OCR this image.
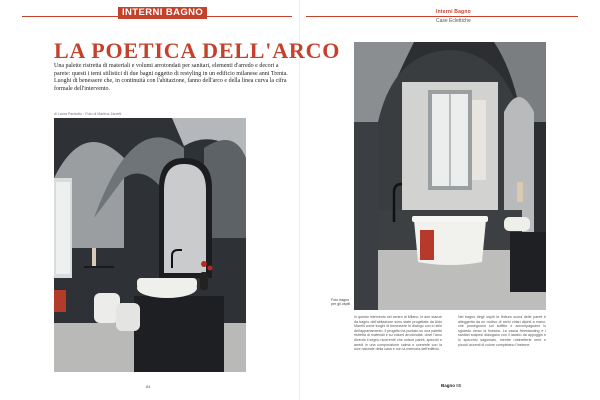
INTERNI BAGNO	Interni Bagno
Case Eclettiche
LA POETICA DELL'ARCO

Una palette ristretta di materiali e volumi arrotondati per sanitari, elementi d'arredo e decori a parete: questi i temi stilistici di due bagni oggetto di restyling in un edificio milanese anni Trenta. Luoghi di benessere che, in continuità con l'abitazione, fanno dell'arco e della linea curva la cifra formale dell'intervento.

di Laura Parisotto · Foto di Martina Zanetti
Foto bagno
per gli ospiti
In questo intervento nel centro di Milano, le due stanze da bagno dell'abitazione sono state progettate da Aldo Marelli come luoghi di benessere in dialogo con lo stile dell'appartamento. Il progetto ha puntato su una palette ristretta di materiali e su volumi arrotondati, dove l'arco diventa il segno ricorrente che unisce pareti, specchi e arredi in una composizione calma e coerente con la luce naturale della casa e con la memoria dell'edificio.
Nel bagno degli ospiti la finitura scura delle pareti è alleggerita da un motivo di archi chiari dipinti a mano, che proseguono sul soffitto e accompagnano lo sguardo verso la finestra. La vasca freestanding e i sanitari sospesi dialogano con il lavabo da appoggio e lo specchio sagomato, mentre rubinetterie nere e piccoli accenti di colore completano l'insieme.
84	Bagno 85
